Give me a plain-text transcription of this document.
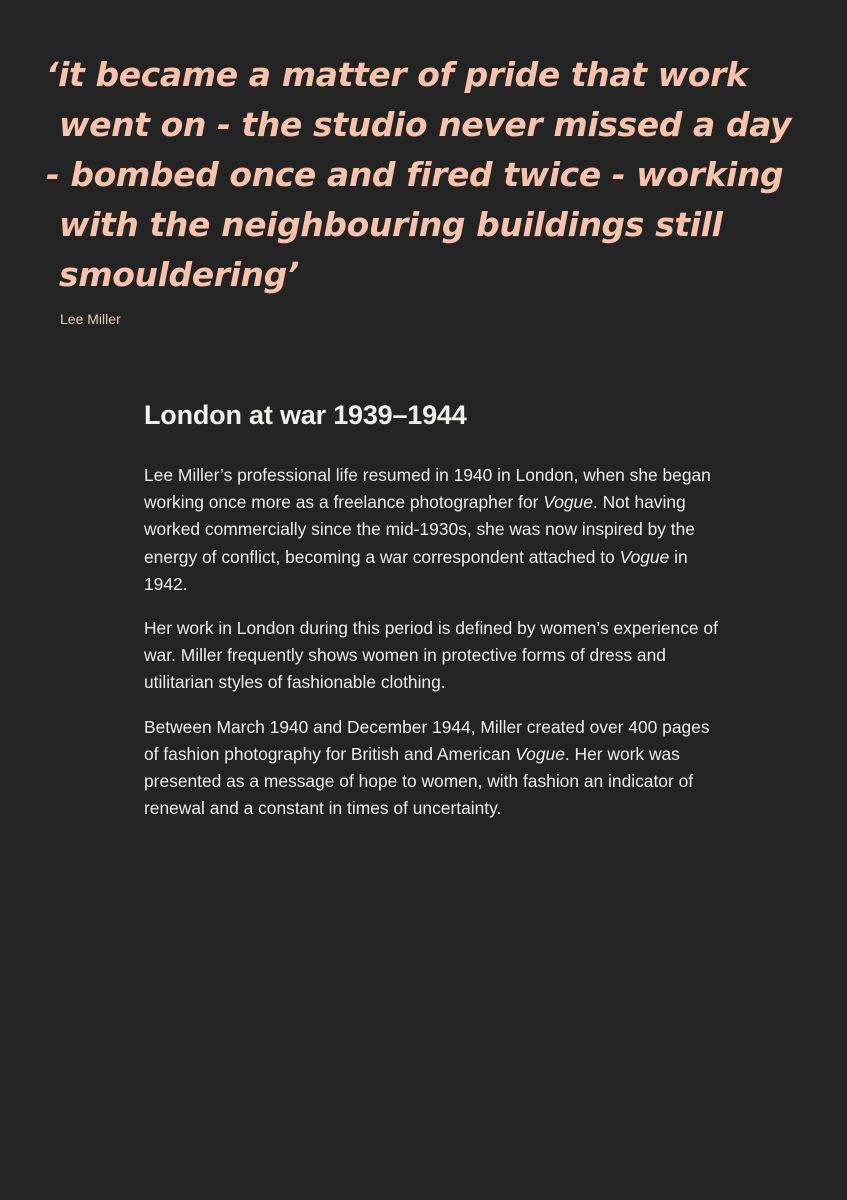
‘it became a matter of pride that work
went on - the studio never missed a day
- bombed once and fired twice - working
with the neighbouring buildings still
smouldering’
Lee Miller
London at war 1939–1944

Lee Miller’s professional life resumed in 1940 in London, when she began working once more as a freelance photographer for Vogue. Not having worked commercially since the mid-1930s, she was now inspired by the energy of conflict, becoming a war correspondent attached to Vogue in 1942.

Her work in London during this period is defined by women’s experience of war. Miller frequently shows women in protective forms of dress and utilitarian styles of fashionable clothing.

Between March 1940 and December 1944, Miller created over 400 pages of fashion photography for British and American Vogue. Her work was presented as a message of hope to women, with fashion an indicator of renewal and a constant in times of uncertainty.
